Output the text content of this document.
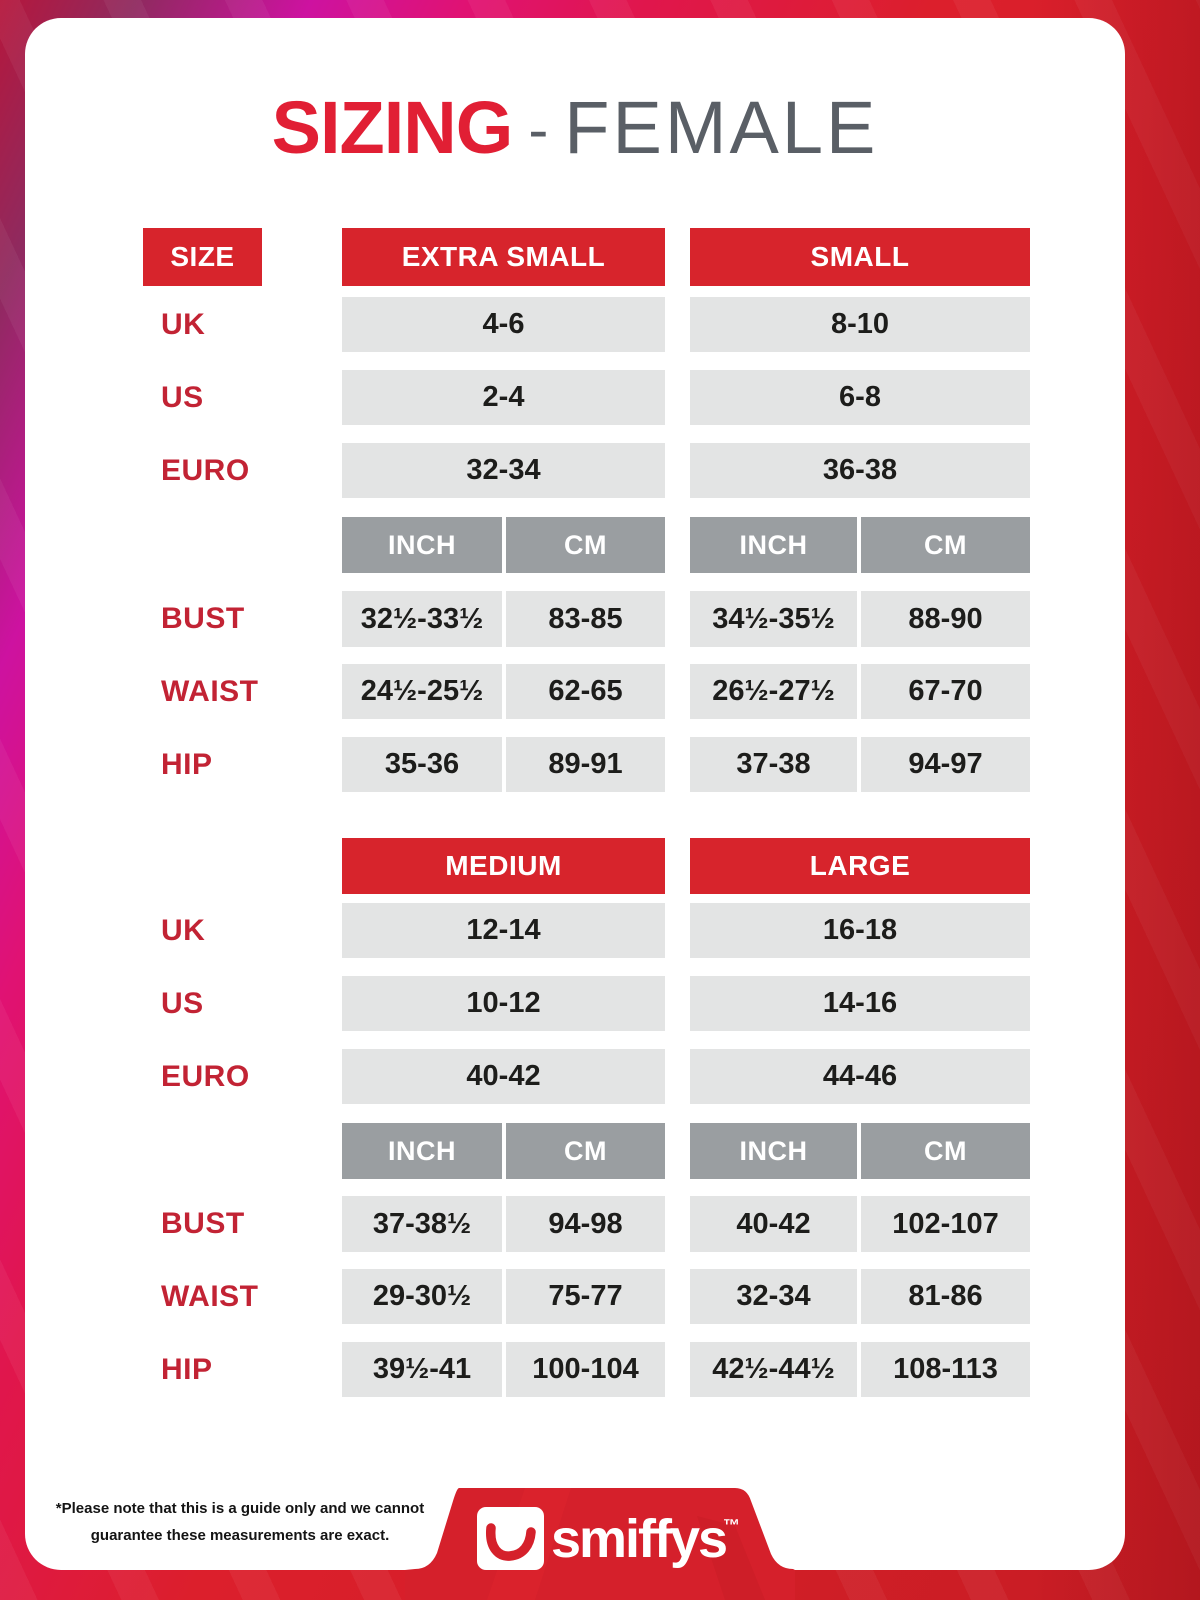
SIZING - FEMALE
SIZE	EXTRA SMALL	SMALL
UK	4-6	8-10
US	2-4	6-8
EURO	32-34	36-38
INCH	CM	INCH	CM
BUST	32½-33½	83-85	34½-35½	88-90
WAIST	24½-25½	62-65	26½-27½	67-70
HIP	35-36	89-91	37-38	94-97
MEDIUM	LARGE
UK	12-14	16-18
US	10-12	14-16
EURO	40-42	44-46
INCH	CM	INCH	CM
BUST	37-38½	94-98	40-42	102-107
WAIST	29-30½	75-77	32-34	81-86
HIP	39½-41	100-104	42½-44½	108-113
*Please note that this is a guide only and we cannot
guarantee these measurements are exact.	smiffys
™
